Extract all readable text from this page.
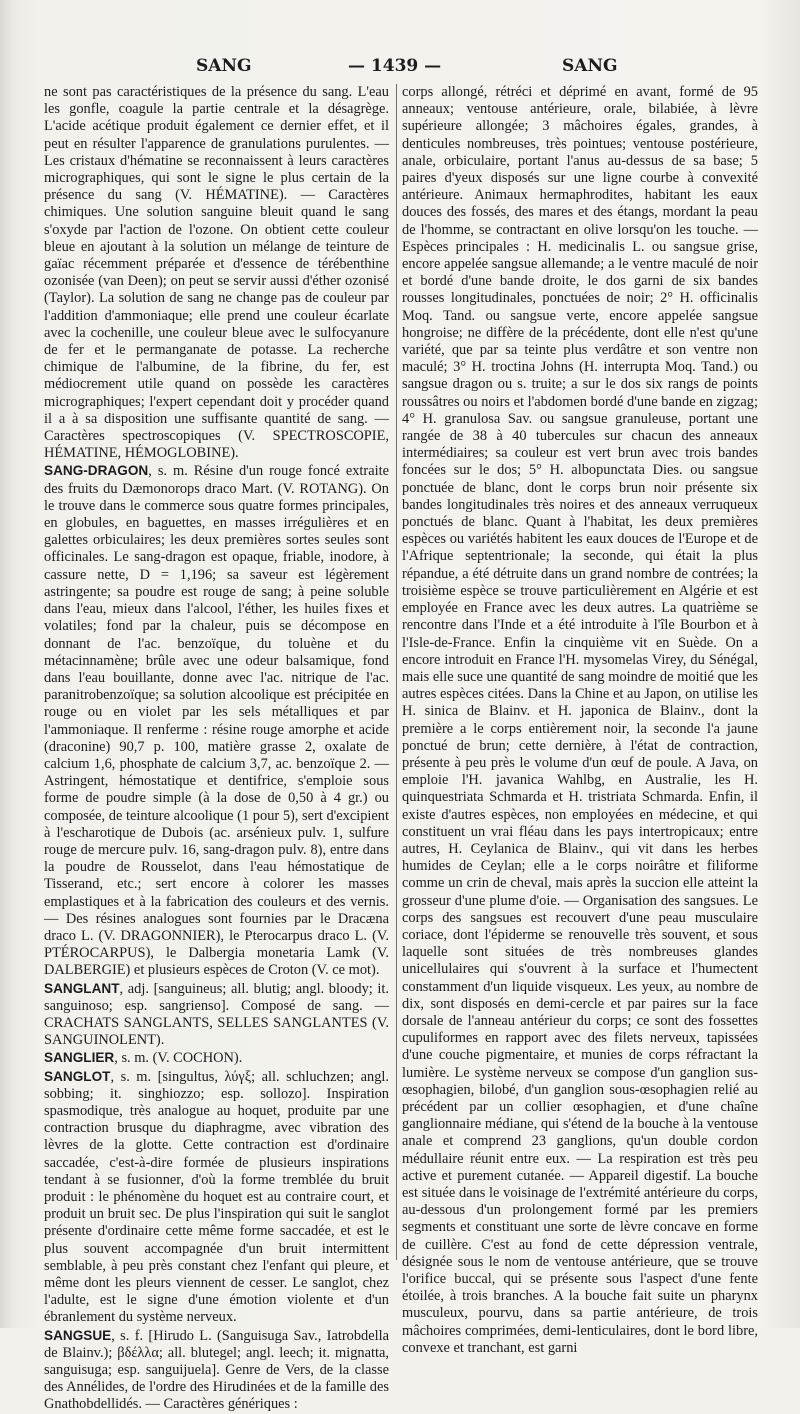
SANG	— 1439 —	SANG

ne sont pas caractéristiques de la présence du sang. L'eau les gonfle, coagule la partie centrale et la désagrège. L'acide acétique produit également ce dernier effet, et il peut en résulter l'apparence de granulations purulentes. — Les cristaux d'hématine se reconnaissent à leurs caractères micrographiques, qui sont le signe le plus certain de la présence du sang (V. HÉMATINE). — Caractères chimiques. Une solution sanguine bleuit quand le sang s'oxyde par l'action de l'ozone. On obtient cette couleur bleue en ajoutant à la solution un mélange de teinture de gaïac récemment préparée et d'essence de térébenthine ozonisée (van Deen); on peut se servir aussi d'éther ozonisé (Taylor). La solution de sang ne change pas de couleur par l'addition d'ammoniaque; elle prend une couleur écarlate avec la cochenille, une couleur bleue avec le sulfocyanure de fer et le permanganate de potasse. La recherche chimique de l'albumine, de la fibrine, du fer, est médiocrement utile quand on possède les caractères micrographiques; l'expert cependant doit y procéder quand il a à sa disposition une suffisante quantité de sang. — Caractères spectroscopiques (V. SPECTROSCOPIE, HÉMATINE, HÉMOGLOBINE).

SANG-DRAGON, s. m. Résine d'un rouge foncé extraite des fruits du Dæmonorops draco Mart. (V. ROTANG). On le trouve dans le commerce sous quatre formes principales, en globules, en baguettes, en masses irrégulières et en galettes orbiculaires; les deux premières sortes seules sont officinales. Le sang-dragon est opaque, friable, inodore, à cassure nette, D = 1,196; sa saveur est légèrement astringente; sa poudre est rouge de sang; à peine soluble dans l'eau, mieux dans l'alcool, l'éther, les huiles fixes et volatiles; fond par la chaleur, puis se décompose en donnant de l'ac. benzoïque, du toluène et du métacinnamène; brûle avec une odeur balsamique, fond dans l'eau bouillante, donne avec l'ac. nitrique de l'ac. paranitrobenzoïque; sa solution alcoolique est précipitée en rouge ou en violet par les sels métalliques et par l'ammoniaque. Il renferme : résine rouge amorphe et acide (draconine) 90,7 p. 100, matière grasse 2, oxalate de calcium 1,6, phosphate de calcium 3,7, ac. benzoïque 2. — Astringent, hémostatique et dentifrice, s'emploie sous forme de poudre simple (à la dose de 0,50 à 4 gr.) ou composée, de teinture alcoolique (1 pour 5), sert d'excipient à l'escharotique de Dubois (ac. arsénieux pulv. 1, sulfure rouge de mercure pulv. 16, sang-dragon pulv. 8), entre dans la poudre de Rousselot, dans l'eau hémostatique de Tisserand, etc.; sert encore à colorer les masses emplastiques et à la fabrication des couleurs et des vernis. — Des résines analogues sont fournies par le Dracæna draco L. (V. DRAGONNIER), le Pterocarpus draco L. (V. PTÉROCARPUS), le Dalbergia monetaria Lamk (V. DALBERGIE) et plusieurs espèces de Croton (V. ce mot).

SANGLANT, adj. [sanguineus; all. blutig; angl. bloody; it. sanguinoso; esp. sangrienso]. Composé de sang. — CRACHATS SANGLANTS, SELLES SANGLANTES (V. SANGUINOLENT).

SANGLIER, s. m. (V. COCHON).

SANGLOT, s. m. [singultus, λύγξ; all. schluchzen; angl. sobbing; it. singhiozzo; esp. sollozo]. Inspiration spasmodique, très analogue au hoquet, produite par une contraction brusque du diaphragme, avec vibration des lèvres de la glotte. Cette contraction est d'ordinaire saccadée, c'est-à-dire formée de plusieurs inspirations tendant à se fusionner, d'où la forme tremblée du bruit produit : le phénomène du hoquet est au contraire court, et produit un bruit sec. De plus l'inspiration qui suit le sanglot présente d'ordinaire cette même forme saccadée, et est le plus souvent accompagnée d'un bruit intermittent semblable, à peu près constant chez l'enfant qui pleure, et même dont les pleurs viennent de cesser. Le sanglot, chez l'adulte, est le signe d'une émotion violente et d'un ébranlement du système nerveux.

SANGSUE, s. f. [Hirudo L. (Sanguisuga Sav., Iatrobdella de Blainv.); βδέλλα; all. blutegel; angl. leech; it. mignatta, sanguisuga; esp. sanguijuela]. Genre de Vers, de la classe des Annélides, de l'ordre des Hirudinées et de la famille des Gnathobdellidés. — Caractères génériques :

corps allongé, rétréci et déprimé en avant, formé de 95 anneaux; ventouse antérieure, orale, bilabiée, à lèvre supérieure allongée; 3 mâchoires égales, grandes, à denticules nombreuses, très pointues; ventouse postérieure, anale, orbiculaire, portant l'anus au-dessus de sa base; 5 paires d'yeux disposés sur une ligne courbe à convexité antérieure. Animaux hermaphrodites, habitant les eaux douces des fossés, des mares et des étangs, mordant la peau de l'homme, se contractant en olive lorsqu'on les touche. — Espèces principales : H. medicinalis L. ou sangsue grise, encore appelée sangsue allemande; a le ventre maculé de noir et bordé d'une bande droite, le dos garni de six bandes rousses longitudinales, ponctuées de noir; 2° H. officinalis Moq. Tand. ou sangsue verte, encore appelée sangsue hongroise; ne diffère de la précédente, dont elle n'est qu'une variété, que par sa teinte plus verdâtre et son ventre non maculé; 3° H. troctina Johns (H. interrupta Moq. Tand.) ou sangsue dragon ou s. truite; a sur le dos six rangs de points roussâtres ou noirs et l'abdomen bordé d'une bande en zigzag; 4° H. granulosa Sav. ou sangsue granuleuse, portant une rangée de 38 à 40 tubercules sur chacun des anneaux intermédiaires; sa couleur est vert brun avec trois bandes foncées sur le dos; 5° H. albopunctata Dies. ou sangsue ponctuée de blanc, dont le corps brun noir présente six bandes longitudinales très noires et des anneaux verruqueux ponctués de blanc. Quant à l'habitat, les deux premières espèces ou variétés habitent les eaux douces de l'Europe et de l'Afrique septentrionale; la seconde, qui était la plus répandue, a été détruite dans un grand nombre de contrées; la troisième espèce se trouve particulièrement en Algérie et est employée en France avec les deux autres. La quatrième se rencontre dans l'Inde et a été introduite à l'île Bourbon et à l'Isle-de-France. Enfin la cinquième vit en Suède. On a encore introduit en France l'H. mysomelas Virey, du Sénégal, mais elle suce une quantité de sang moindre de moitié que les autres espèces citées. Dans la Chine et au Japon, on utilise les H. sinica de Blainv. et H. japonica de Blainv., dont la première a le corps entièrement noir, la seconde l'a jaune ponctué de brun; cette dernière, à l'état de contraction, présente à peu près le volume d'un œuf de poule. A Java, on emploie l'H. javanica Wahlbg, en Australie, les H. quinquestriata Schmarda et H. tristriata Schmarda. Enfin, il existe d'autres espèces, non employées en médecine, et qui constituent un vrai fléau dans les pays intertropicaux; entre autres, H. Ceylanica de Blainv., qui vit dans les herbes humides de Ceylan; elle a le corps noirâtre et filiforme comme un crin de cheval, mais après la succion elle atteint la grosseur d'une plume d'oie. — Organisation des sangsues. Le corps des sangsues est recouvert d'une peau musculaire coriace, dont l'épiderme se renouvelle très souvent, et sous laquelle sont situées de très nombreuses glandes unicellulaires qui s'ouvrent à la surface et l'humectent constamment d'un liquide visqueux. Les yeux, au nombre de dix, sont disposés en demi-cercle et par paires sur la face dorsale de l'anneau antérieur du corps; ce sont des fossettes cupuliformes en rapport avec des filets nerveux, tapissées d'une couche pigmentaire, et munies de corps réfractant la lumière. Le système nerveux se compose d'un ganglion sus-œsophagien, bilobé, d'un ganglion sous-œsophagien relié au précédent par un collier œsophagien, et d'une chaîne ganglionnaire médiane, qui s'étend de la bouche à la ventouse anale et comprend 23 ganglions, qu'un double cordon médullaire réunit entre eux. — La respiration est très peu active et purement cutanée. — Appareil digestif. La bouche est située dans le voisinage de l'extrémité antérieure du corps, au-dessous d'un prolongement formé par les premiers segments et constituant une sorte de lèvre concave en forme de cuillère. C'est au fond de cette dépression ventrale, désignée sous le nom de ventouse antérieure, que se trouve l'orifice buccal, qui se présente sous l'aspect d'une fente étoilée, à trois branches. A la bouche fait suite un pharynx musculeux, pourvu, dans sa partie antérieure, de trois mâchoires comprimées, demi-lenticulaires, dont le bord libre, convexe et tranchant, est garni
